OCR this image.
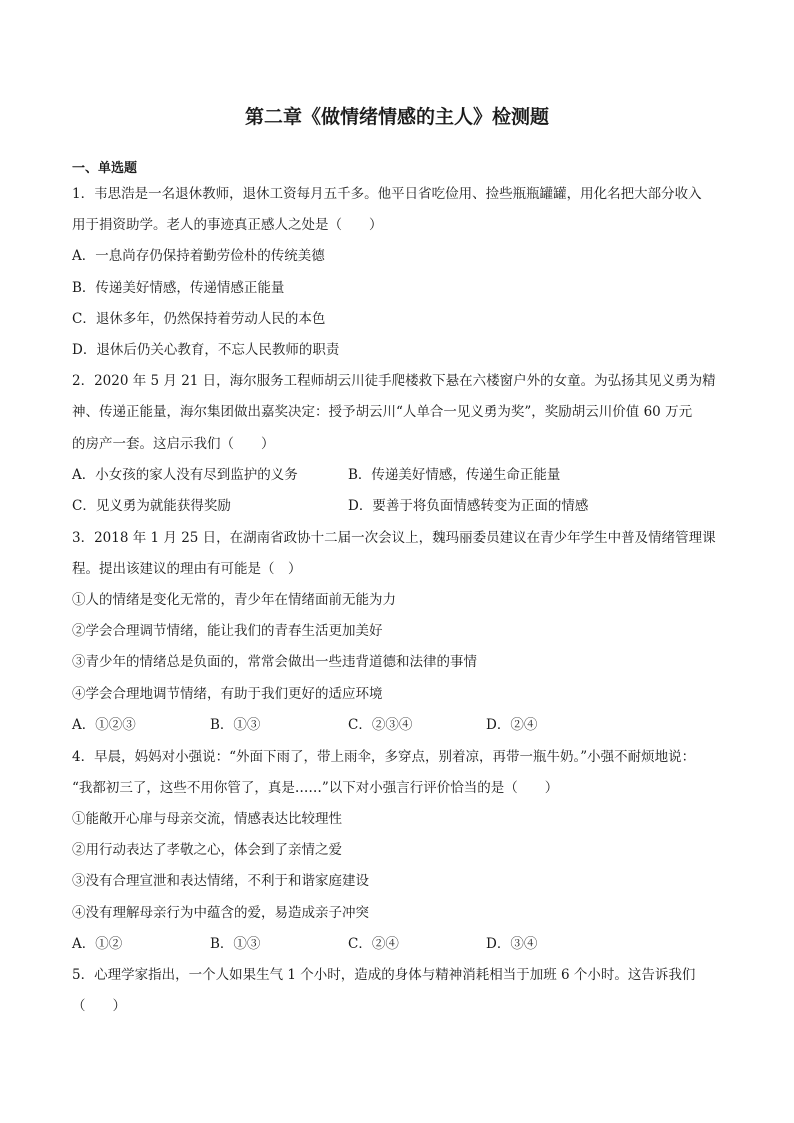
第二章《做情绪情感的主人》检测题
一、单选题
1．韦思浩是一名退休教师，退休工资每月五千多。他平日省吃俭用、捡些瓶瓶罐罐，用化名把大部分收入
用于捐资助学。老人的事迹真正感人之处是（　　）
A．一息尚存仍保持着勤劳俭朴的传统美德
B．传递美好情感，传递情感正能量
C．退休多年，仍然保持着劳动人民的本色
D．退休后仍关心教育，不忘人民教师的职责
2．2020 年 5 月 21 日，海尔服务工程师胡云川徒手爬楼救下悬在六楼窗户外的女童。为弘扬其见义勇为精
神、传递正能量，海尔集团做出嘉奖决定：授予胡云川“人单合一见义勇为奖”，奖励胡云川价值 60 万元
的房产一套。这启示我们（　　）
A．小女孩的家人没有尽到监护的义务	B．传递美好情感，传递生命正能量
C．见义勇为就能获得奖励	D．要善于将负面情感转变为正面的情感
3．2018 年 1 月 25 日，在湖南省政协十二届一次会议上，魏玛丽委员建议在青少年学生中普及情绪管理课
程。提出该建议的理由有可能是（　）
①人的情绪是变化无常的，青少年在情绪面前无能为力
②学会合理调节情绪，能让我们的青春生活更加美好
③青少年的情绪总是负面的，常常会做出一些违背道德和法律的事情
④学会合理地调节情绪，有助于我们更好的适应环境
A．①②③	B．①③	C．②③④	D．②④
4．早晨，妈妈对小强说：“外面下雨了，带上雨伞，多穿点，别着凉，再带一瓶牛奶。”小强不耐烦地说：
“我都初三了，这些不用你管了，真是……”以下对小强言行评价恰当的是（　　）
①能敞开心扉与母亲交流，情感表达比较理性
②用行动表达了孝敬之心，体会到了亲情之爱
③没有合理宣泄和表达情绪，不利于和谐家庭建设
④没有理解母亲行为中蕴含的爱，易造成亲子冲突
A．①②	B．①③	C．②④	D．③④
5．心理学家指出，一个人如果生气 1 个小时，造成的身体与精神消耗相当于加班 6 个小时。这告诉我们
（　　）
